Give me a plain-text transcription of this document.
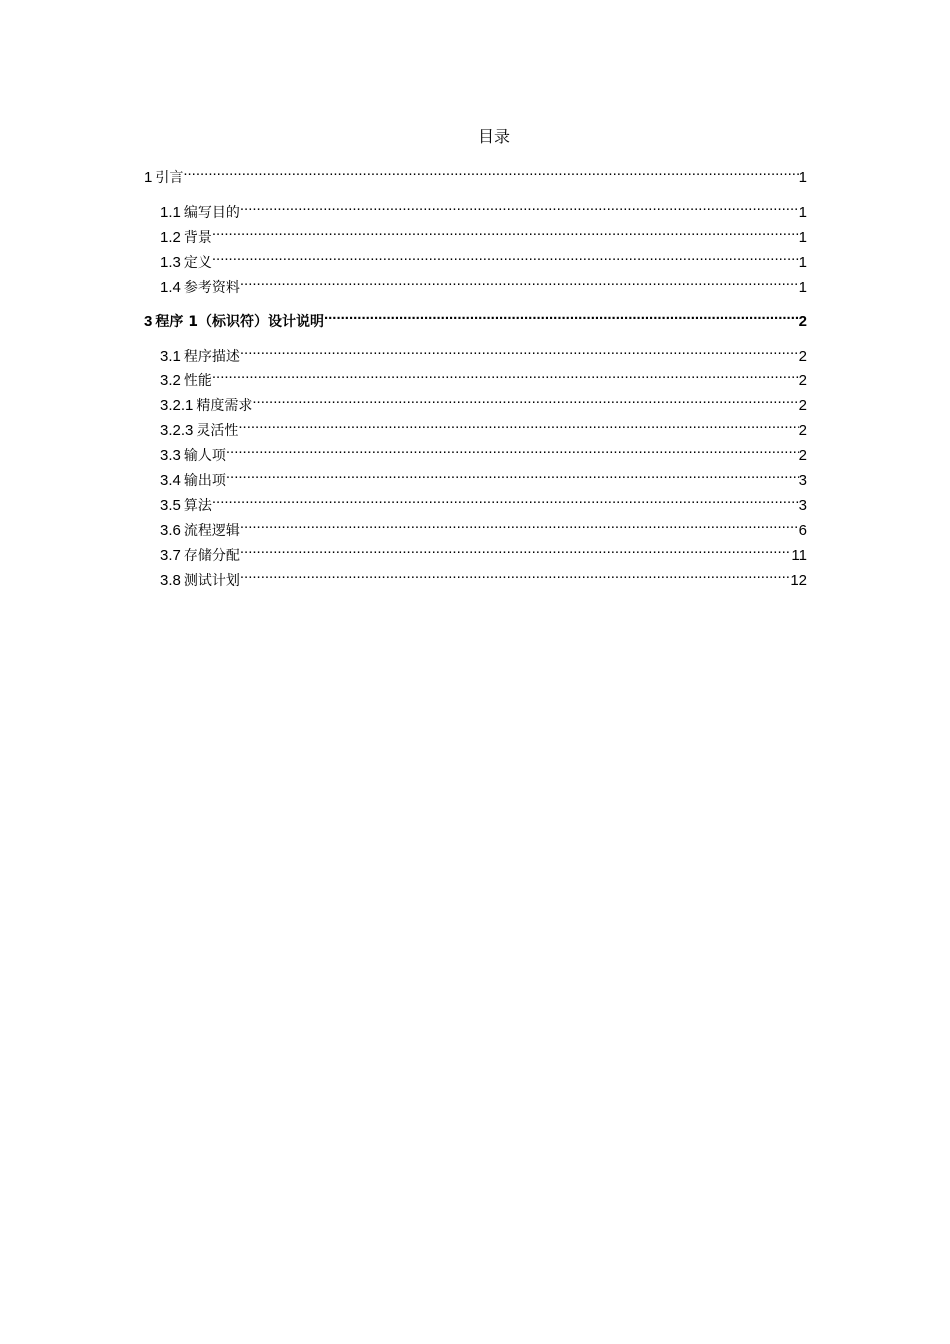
目录
1 引言 .....	1
1.1 编写目的 .....	1
1.2 背景 .....	1
1.3 定义 .....	1
1.4 参考资料 .....	1
3 程序 1（标识符）设计说明 .....	2
3.1 程序描述 .....	2
3.2 性能 .....	2
3.2.1 精度需求 .....	2
3.2.3 灵活性 .....	2
3.3 输人项 .....	2
3.4 输出项 .....	3
3.5 算法 .....	3
3.6 流程逻辑 .....	6
3.7 存储分配 .....	11
3.8 测试计划 .....	12
